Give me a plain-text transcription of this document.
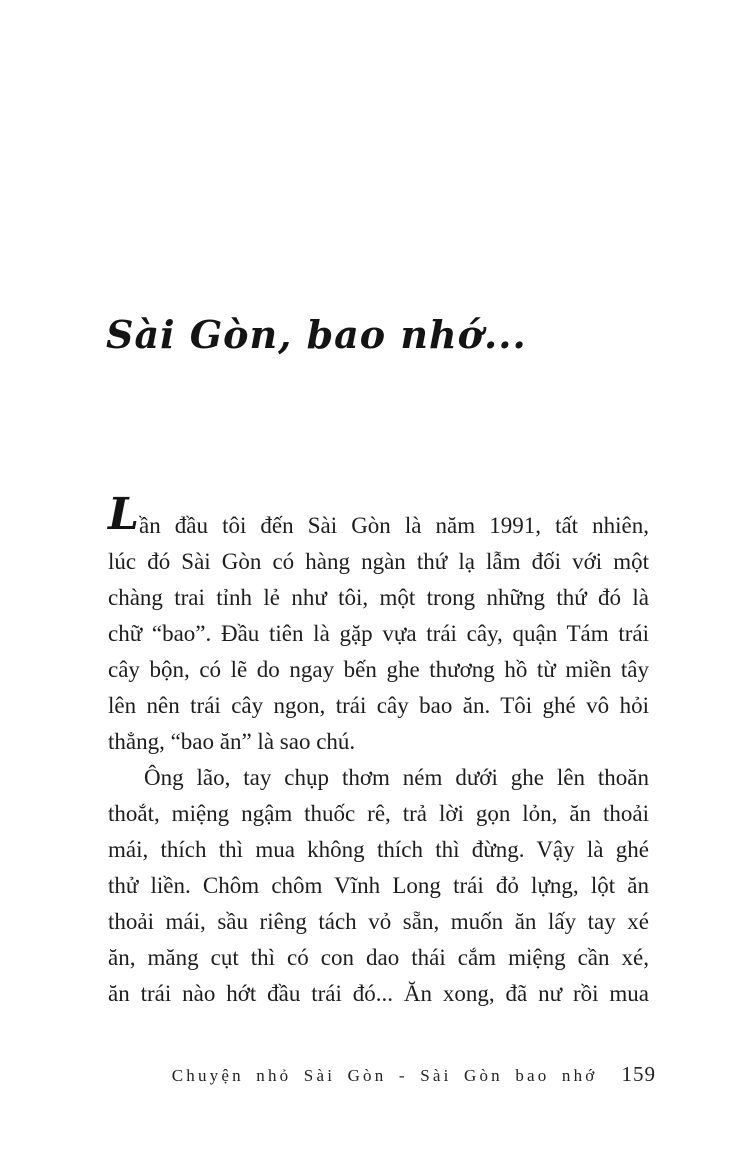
Sài Gòn, bao nhớ...
L ần đầu tôi đến Sài Gòn là năm 1991, tất nhiên,
lúc đó Sài Gòn có hàng ngàn thứ lạ lẫm đối với một
chàng trai tỉnh lẻ như tôi, một trong những thứ đó là
chữ “bao”. Đầu tiên là gặp vựa trái cây, quận Tám trái
cây bộn, có lẽ do ngay bến ghe thương hồ từ miền tây
lên nên trái cây ngon, trái cây bao ăn. Tôi ghé vô hỏi
thẳng, “bao ăn” là sao chú.
Ông lão, tay chụp thơm ném dưới ghe lên thoăn
thoắt, miệng ngậm thuốc rê, trả lời gọn lỏn, ăn thoải
mái, thích thì mua không thích thì đừng. Vậy là ghé
thử liền. Chôm chôm Vĩnh Long trái đỏ lựng, lột ăn
thoải mái, sầu riêng tách vỏ sẵn, muốn ăn lấy tay xé
ăn, măng cụt thì có con dao thái cắm miệng cần xé,
ăn trái nào hớt đầu trái đó... Ăn xong, đã nư rồi mua
Chuyện nhỏ Sài Gòn - Sài Gòn bao nhớ 159
